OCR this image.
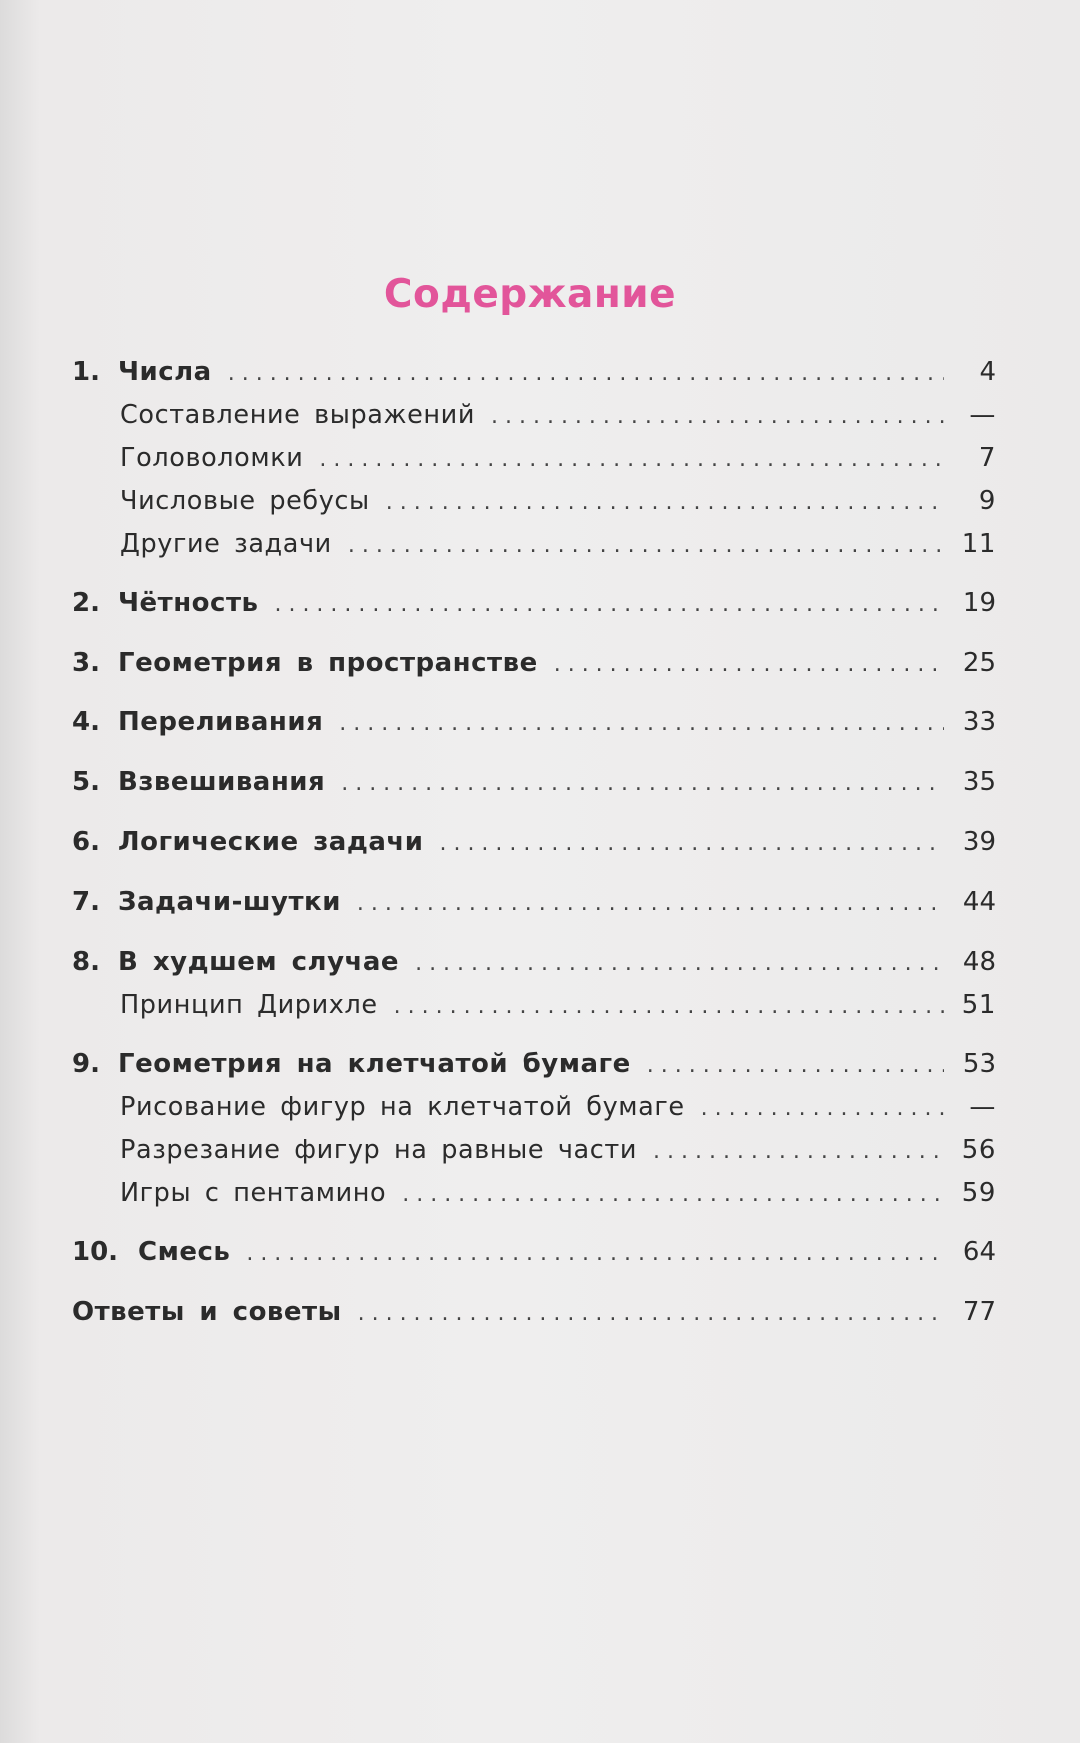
Содержание
1. Числа . . .	4
Составление выражений . . .	—
Головоломки . . .	7
Числовые ребусы . . .	9
Другие задачи . . .	11
2. Чётность . . .	19
3. Геометрия в пространстве . . .	25
4. Переливания . . .	33
5. Взвешивания . . .	35
6. Логические задачи . . .	39
7. Задачи-шутки . . .	44
8. В худшем случае . . .	48
Принцип Дирихле . . .	51
9. Геометрия на клетчатой бумаге . . .	53
Рисование фигур на клетчатой бумаге . . .	—
Разрезание фигур на равные части . . .	56
Игры с пентамино . . .	59
10. Смесь . . .	64
Ответы и советы . . .	77
